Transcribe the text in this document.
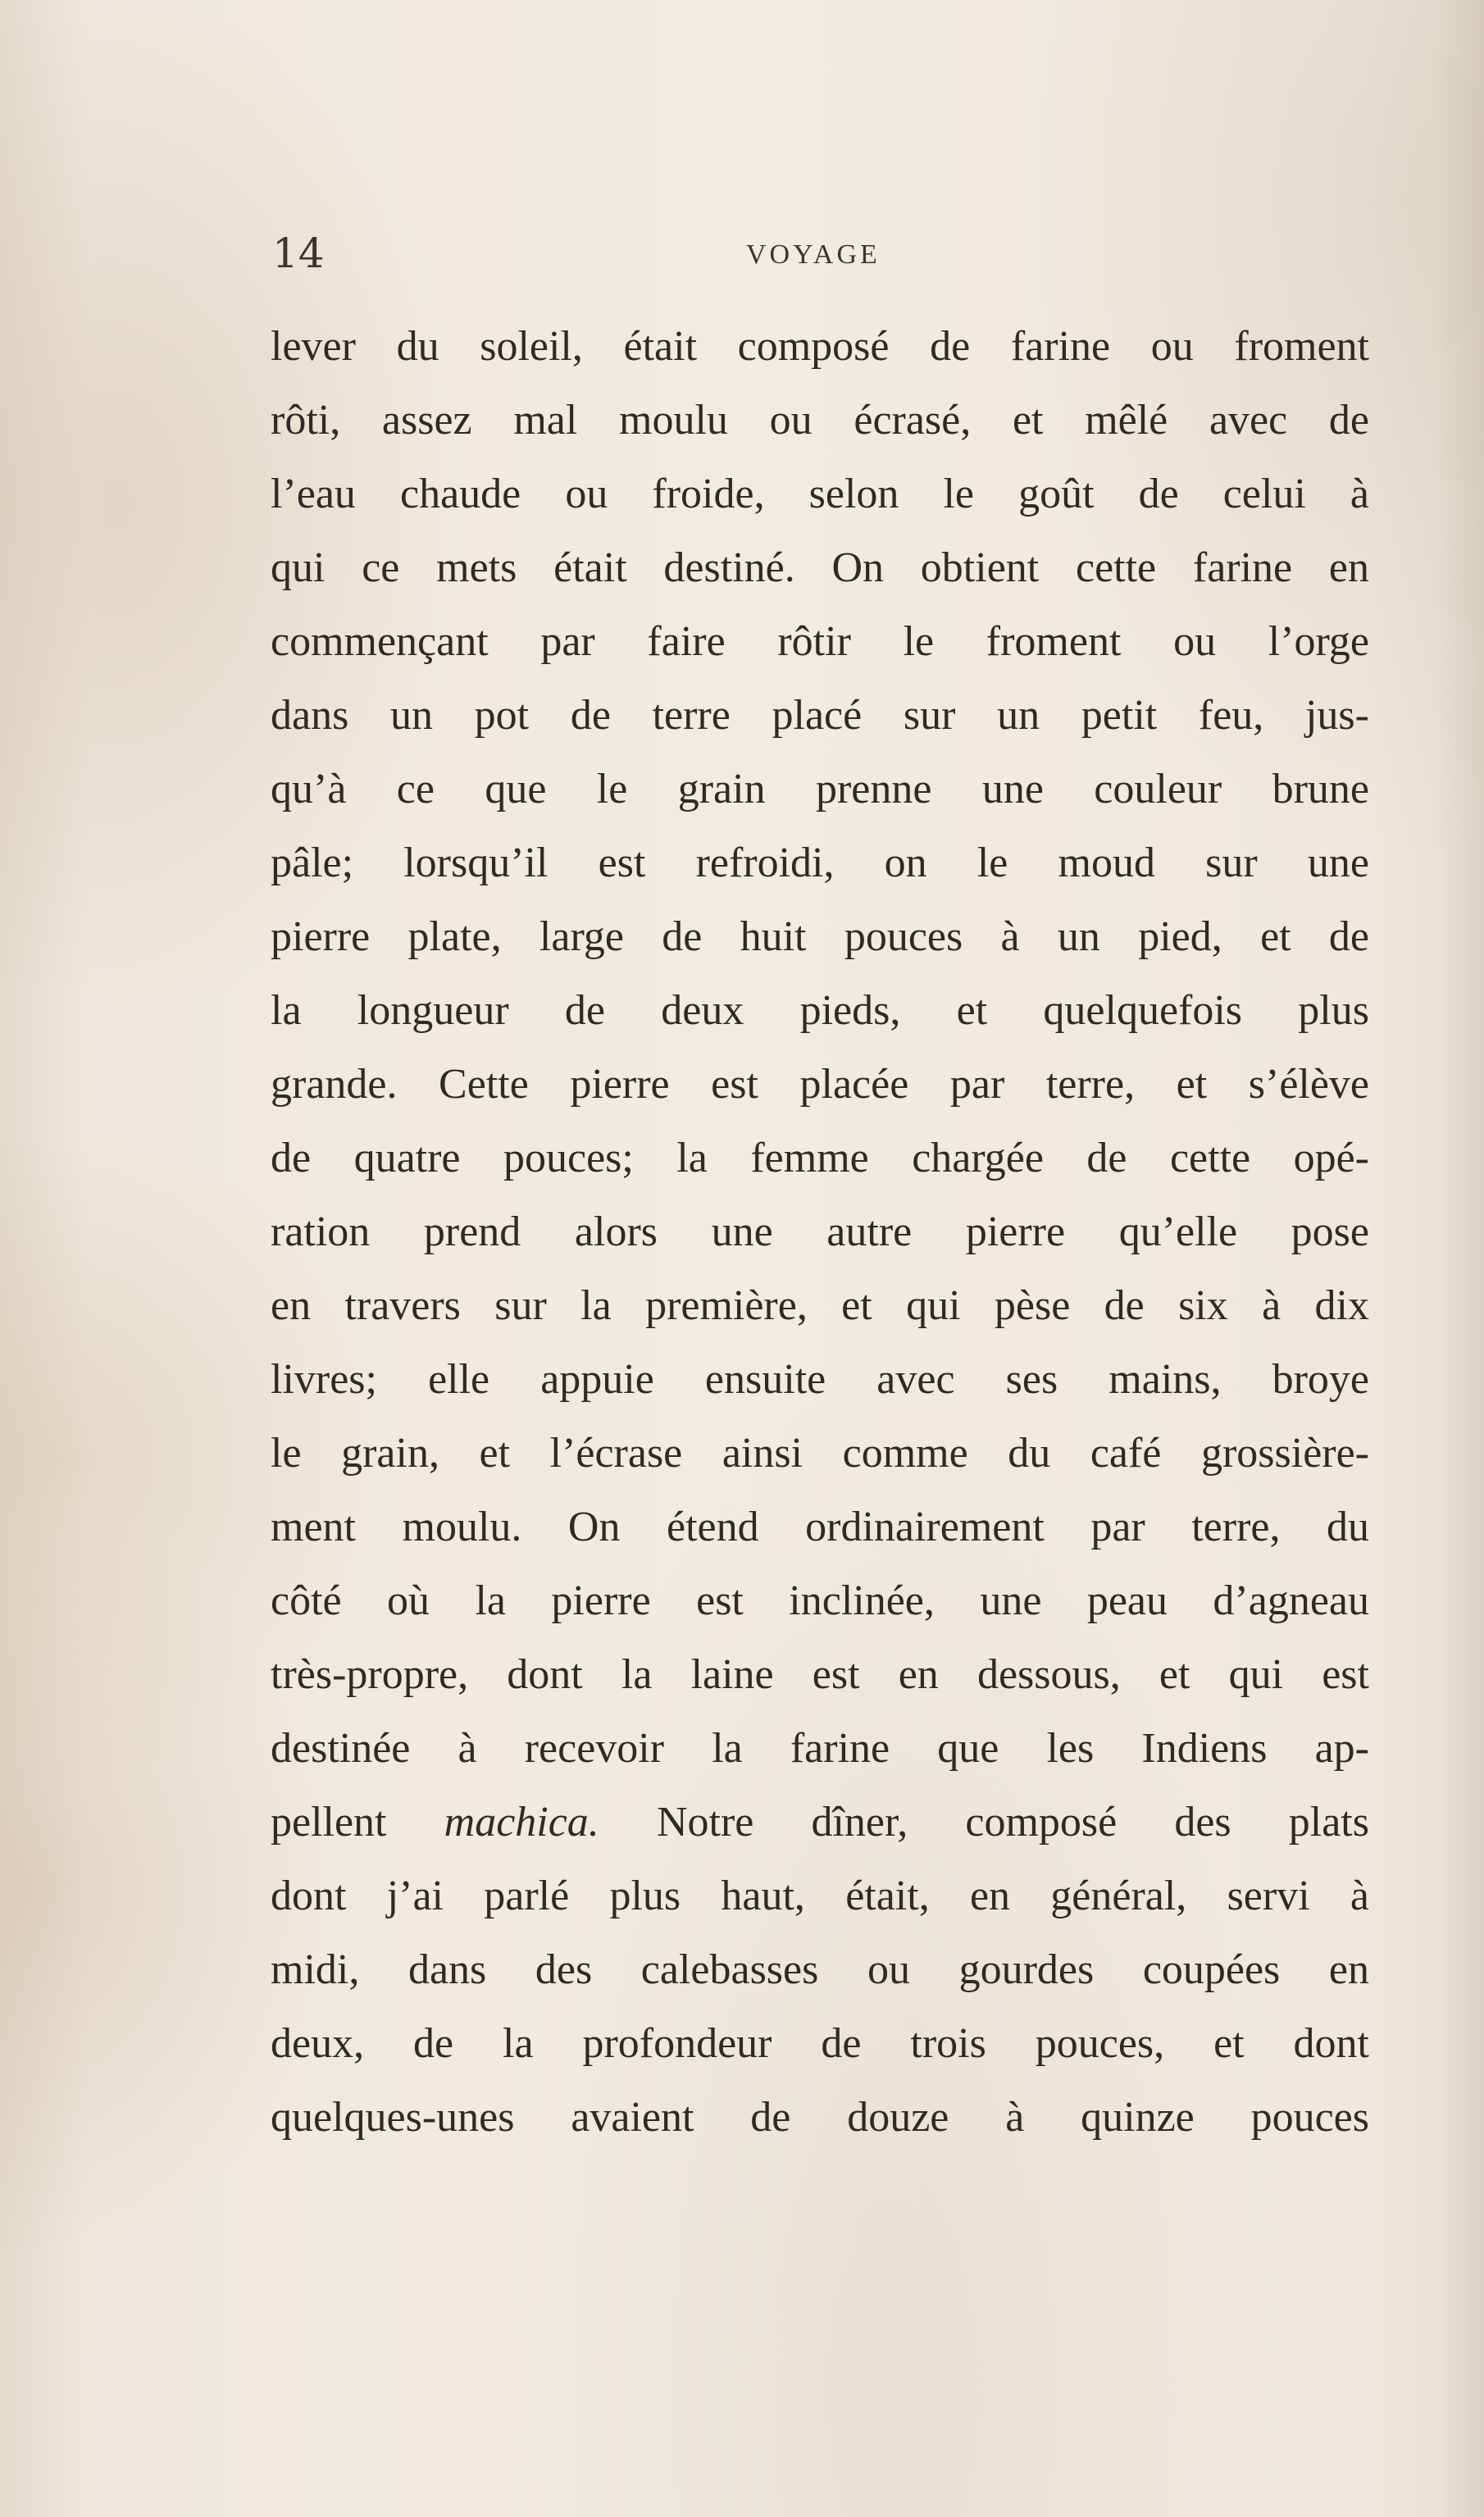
14	VOYAGE
lever du soleil, était composé de farine ou froment
rôti, assez mal moulu ou écrasé, et mêlé avec de
l’eau chaude ou froide, selon le goût de celui à
qui ce mets était destiné. On obtient cette farine en
commençant par faire rôtir le froment ou l’orge
dans un pot de terre placé sur un petit feu, jus-
qu’à ce que le grain prenne une couleur brune
pâle; lorsqu’il est refroidi, on le moud sur une
pierre plate, large de huit pouces à un pied, et de
la longueur de deux pieds, et quelquefois plus
grande. Cette pierre est placée par terre, et s’élève
de quatre pouces; la femme chargée de cette opé-
ration prend alors une autre pierre qu’elle pose
en travers sur la première, et qui pèse de six à dix
livres; elle appuie ensuite avec ses mains, broye
le grain, et l’écrase ainsi comme du café grossière-
ment moulu. On étend ordinairement par terre, du
côté où la pierre est inclinée, une peau d’agneau
très-propre, dont la laine est en dessous, et qui est
destinée à recevoir la farine que les Indiens ap-
pellent machica. Notre dîner, composé des plats
dont j’ai parlé plus haut, était, en général, servi à
midi, dans des calebasses ou gourdes coupées en
deux, de la profondeur de trois pouces, et dont
quelques-unes avaient de douze à quinze pouces
